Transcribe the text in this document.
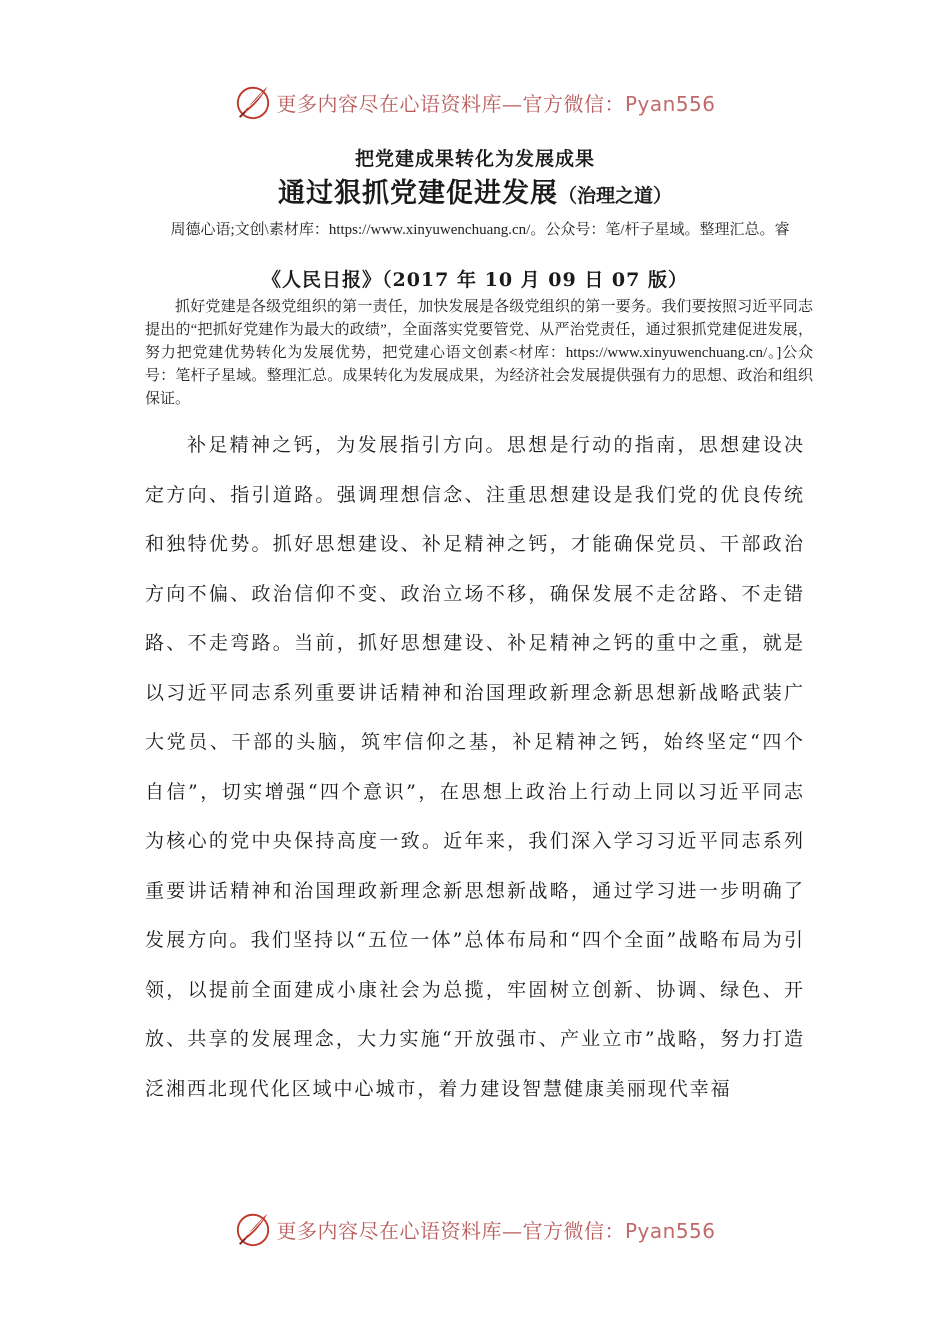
更多内容尽在心语资料库—官方微信：Pyan556
把党建成果转化为发展成果
通过狠抓党建促进发展（治理之道）
周德心语;文创\素材库：https://www.xinyuwenchuang.cn/。公众号：笔/杆子星域。整理汇总。睿
《人民日报》（2017 年 10 月 09 日 07 版）

抓好党建是各级党组织的第一责任，加快发展是各级党组织的第一要务。我们要按照习近平同志提出的“把抓好党建作为最大的政绩”，全面落实党要管党、从严治党责任，通过狠抓党建促进发展，努力把党建优势转化为发展优势，把党建心语文创素<材库：https://www.xinyuwenchuang.cn/。]公众号：笔杆子星域。整理汇总。成果转化为发展成果，为经济社会发展提供强有力的思想、政治和组织保证。

补足精神之钙，为发展指引方向。思想是行动的指南，思想建设决定方向、指引道路。强调理想信念、注重思想建设是我们党的优良传统和独特优势。抓好思想建设、补足精神之钙，才能确保党员、干部政治方向不偏、政治信仰不变、政治立场不移，确保发展不走岔路、不走错路、不走弯路。当前，抓好思想建设、补足精神之钙的重中之重，就是以习近平同志系列重要讲话精神和治国理政新理念新思想新战略武装广大党员、干部的头脑，筑牢信仰之基，补足精神之钙，始终坚定“四个自信”，切实增强“四个意识”，在思想上政治上行动上同以习近平同志为核心的党中央保持高度一致。近年来，我们深入学习习近平同志系列重要讲话精神和治国理政新理念新思想新战略，通过学习进一步明确了发展方向。我们坚持以“五位一体”总体布局和“四个全面”战略布局为引领，以提前全面建成小康社会为总揽，牢固树立创新、协调、绿色、开放、共享的发展理念，大力实施“开放强市、产业立市”战略，努力打造泛湘西北现代化区域中心城市，着力建设智慧健康美丽现代幸福

更多内容尽在心语资料库—官方微信：Pyan556
